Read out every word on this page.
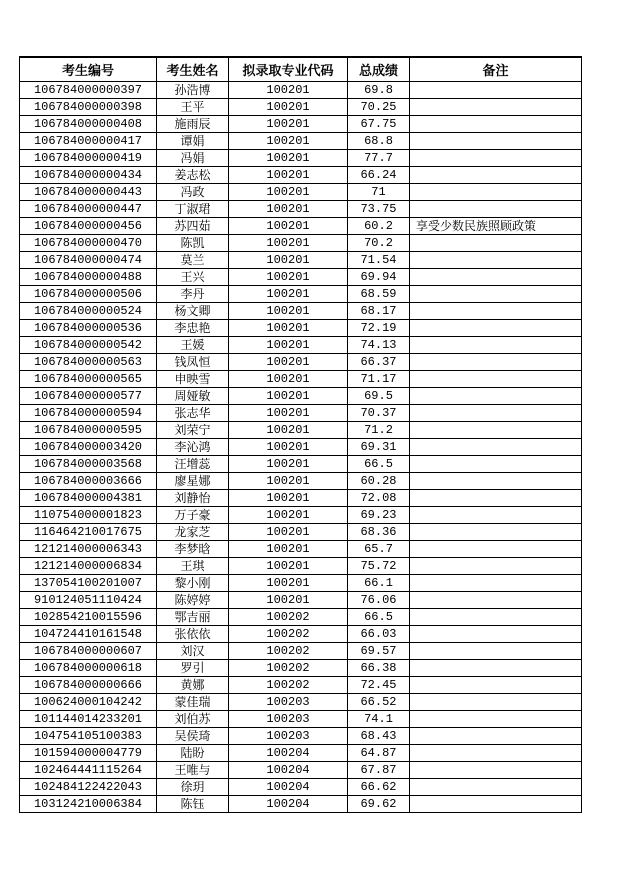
考生编号	考生姓名	拟录取专业代码	总成绩	备注
106784000000397	孙浩博	100201	69.8	
106784000000398	王平	100201	70.25	
106784000000408	施雨辰	100201	67.75	
106784000000417	谭娟	100201	68.8	
106784000000419	冯娟	100201	77.7	
106784000000434	姜志松	100201	66.24	
106784000000443	冯政	100201	71	
106784000000447	丁淑珺	100201	73.75	
106784000000456	苏四茹	100201	60.2	享受少数民族照顾政策
106784000000470	陈凯	100201	70.2	
106784000000474	莫兰	100201	71.54	
106784000000488	王兴	100201	69.94	
106784000000506	李丹	100201	68.59	
106784000000524	杨文卿	100201	68.17	
106784000000536	李忠艳	100201	72.19	
106784000000542	王媛	100201	74.13	
106784000000563	钱凤恒	100201	66.37	
106784000000565	申映雪	100201	71.17	
106784000000577	周娅敏	100201	69.5	
106784000000594	张志华	100201	70.37	
106784000000595	刘荣宁	100201	71.2	
106784000003420	李沁鸿	100201	69.31	
106784000003568	汪增蕊	100201	66.5	
106784000003666	廖星娜	100201	60.28	
106784000004381	刘静怡	100201	72.08	
110754000001823	万子豪	100201	69.23	
116464210017675	龙家芝	100201	68.36	
121214000006343	李梦晗	100201	65.7	
121214000006834	王琪	100201	75.72	
137054100201007	黎小刚	100201	66.1	
910124051110424	陈婷婷	100201	76.06	
102854210015596	鄂吉丽	100202	66.5	
104724410161548	张依依	100202	66.03	
106784000000607	刘汉	100202	69.57	
106784000000618	罗引	100202	66.38	
106784000000666	黄娜	100202	72.45	
100624000104242	蒙佳瑞	100203	66.52	
101144014233201	刘伯苏	100203	74.1	
104754105100383	吴侯琦	100203	68.43	
101594000004779	陆盼	100204	64.87	
102464441115264	王唯与	100204	67.87	
102484122422043	徐玥	100204	66.62	
103124210006384	陈钰	100204	69.62	
